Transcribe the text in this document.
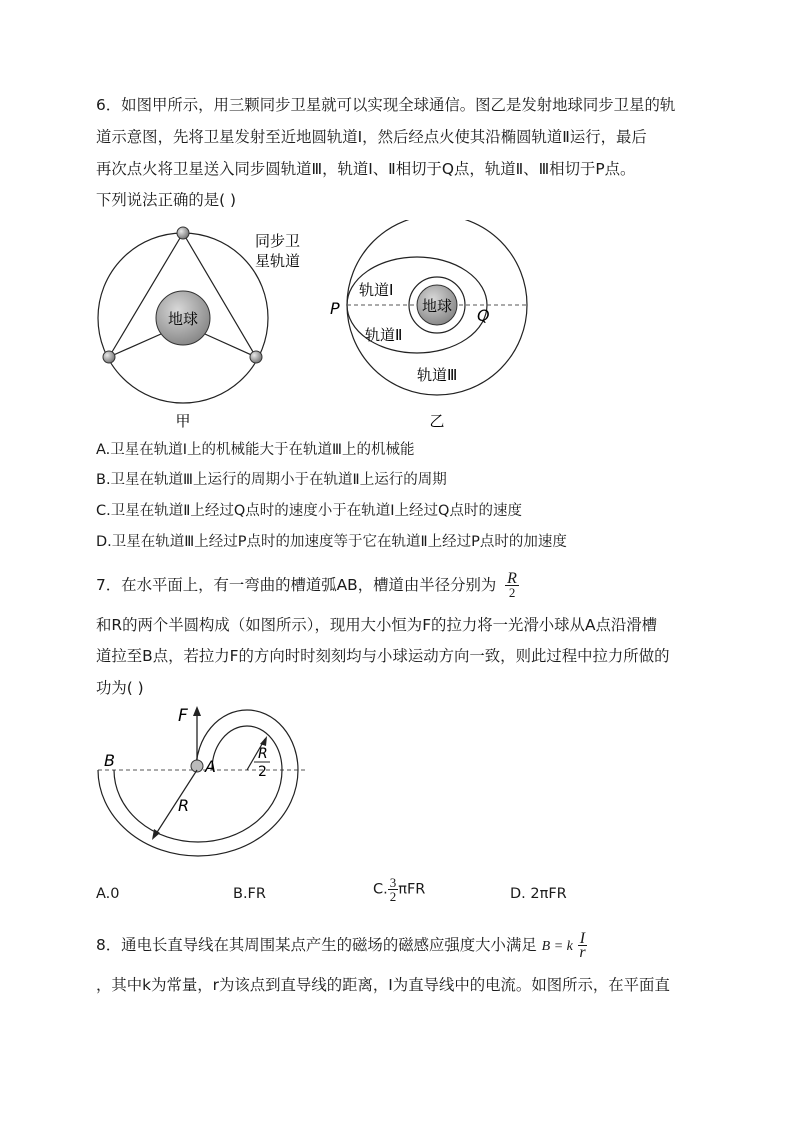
6．如图甲所示，用三颗同步卫星就可以实现全球通信。图乙是发射地球同步卫星的轨
道示意图，先将卫星发射至近地圆轨道Ⅰ，然后经点火使其沿椭圆轨道Ⅱ运行，最后
再次点火将卫星送入同步圆轨道Ⅲ，轨道Ⅰ、Ⅱ相切于Q点，轨道Ⅱ、Ⅲ相切于P点。
下列说法正确的是( )
地球
同步卫
星轨道
甲
地球
轨道Ⅰ
轨道Ⅱ
轨道Ⅲ
P	Q
乙
A.卫星在轨道Ⅰ上的机械能大于在轨道Ⅲ上的机械能
B.卫星在轨道Ⅲ上运行的周期小于在轨道Ⅱ上运行的周期
C.卫星在轨道Ⅱ上经过Q点时的速度小于在轨道Ⅰ上经过Q点时的速度
D.卫星在轨道Ⅲ上经过P点时的加速度等于它在轨道Ⅱ上经过P点时的加速度
7．在水平面上，有一弯曲的槽道弧AB，槽道由半径分别为 $\frac{R}{2}$
和R的两个半圆构成（如图所示），现用大小恒为F的拉力将一光滑小球从A点沿滑槽
道拉至B点，若拉力F的方向时时刻刻均与小球运动方向一致，则此过程中拉力所做的
功为( )
F
A
B
R
R
2
A.0	B.FR	C. $\frac{3}{2}$ πFR	D. 2πFR
8．通电长直导线在其周围某点产生的磁场的磁感应强度大小满足 B = k $\frac{I}{r}$
，其中k为常量，r为该点到直导线的距离，I为直导线中的电流。如图所示，在平面直
